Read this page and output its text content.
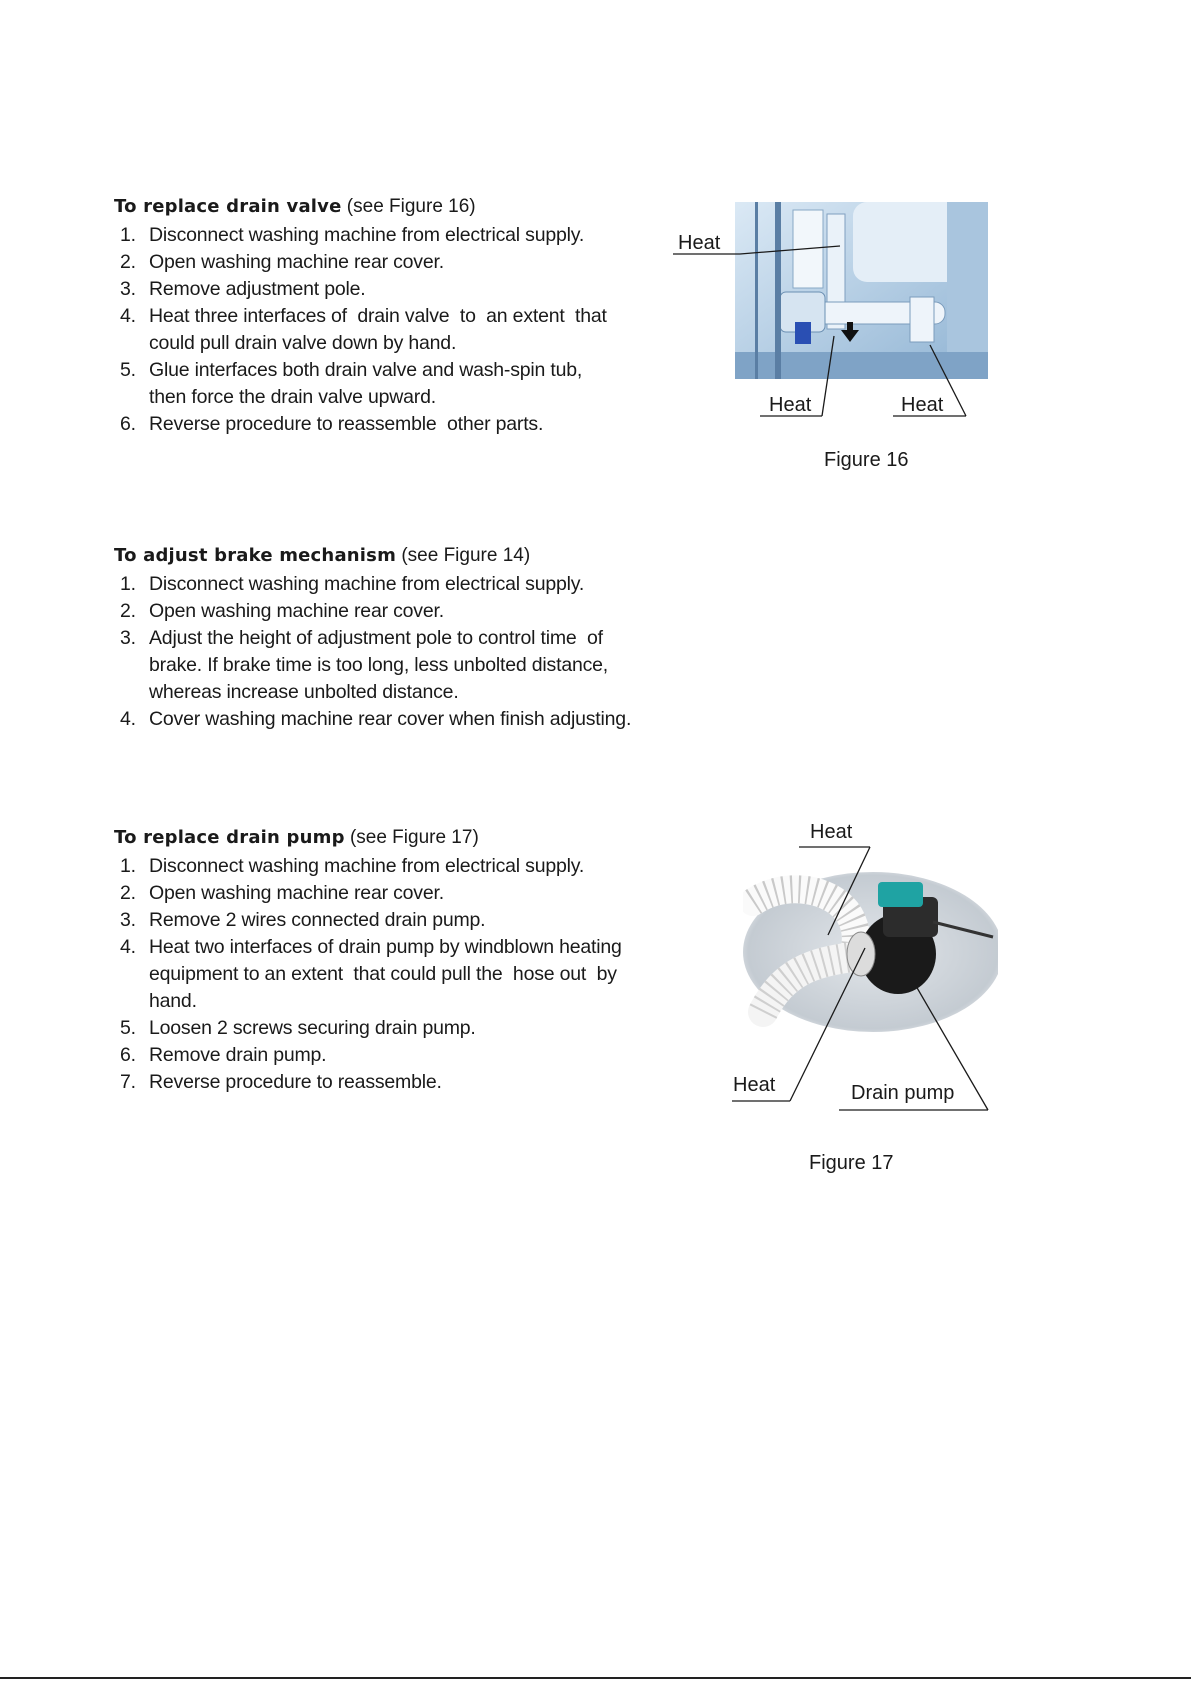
To replace drain valve (see Figure 16)
1. Disconnect washing machine from electrical supply.
2. Open washing machine rear cover.
3. Remove adjustment pole.
4. Heat three interfaces of  drain valve  to  an extent  that
could pull drain valve down by hand.
5. Glue interfaces both drain valve and wash-spin tub,
then force the drain valve upward.
6. Reverse procedure to reassemble  other parts.
To adjust brake mechanism (see Figure 14)
1. Disconnect washing machine from electrical supply.
2. Open washing machine rear cover.
3. Adjust the height of adjustment pole to control time  of
brake. If brake time is too long, less unbolted distance,
whereas increase unbolted distance.
4. Cover washing machine rear cover when finish adjusting.
To replace drain pump (see Figure 17)
1. Disconnect washing machine from electrical supply.
2. Open washing machine rear cover.
3. Remove 2 wires connected drain pump.
4. Heat two interfaces of drain pump by windblown heating
equipment to an extent  that could pull the  hose out  by
hand.
5. Loosen 2 screws securing drain pump.
6. Remove drain pump.
7. Reverse procedure to reassemble.
Heat
Heat	Heat
Figure 16
Heat
Heat	Drain pump
Figure 17
